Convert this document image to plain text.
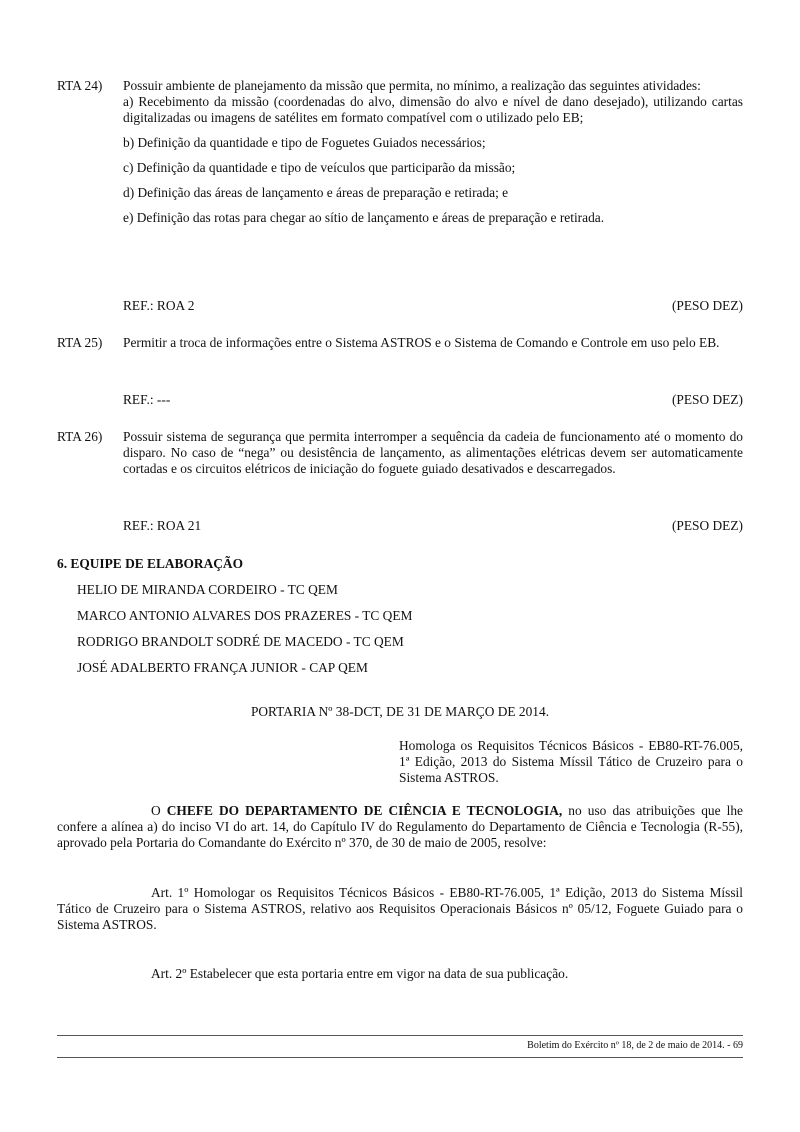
RTA 24)	Possuir ambiente de planejamento da missão que permita, no mínimo, a realização das seguintes atividades:

a) Recebimento da missão (coordenadas do alvo, dimensão do alvo e nível de dano desejado), utilizando cartas digitalizadas ou imagens de satélites em formato compatível com o utilizado pelo EB;

b) Definição da quantidade e tipo de Foguetes Guiados necessários;

c) Definição da quantidade e tipo de veículos que participarão da missão;

d) Definição das áreas de lançamento e áreas de preparação e retirada; e

e) Definição das rotas para chegar ao sítio de lançamento e áreas de preparação e retirada.

REF.: ROA 2	(PESO DEZ)
RTA 25)	Permitir a troca de informações entre o Sistema ASTROS e o Sistema de Comando e Controle em uso pelo EB.

REF.: ---	(PESO DEZ)
RTA 26)	Possuir sistema de segurança que permita interromper a sequência da cadeia de funcionamento até o momento do disparo. No caso de “nega” ou desistência de lançamento, as alimentações elétricas devem ser automaticamente cortadas e os circuitos elétricos de iniciação do foguete guiado desativados e descarregados.

REF.: ROA 21	(PESO DEZ)
6. EQUIPE DE ELABORAÇÃO
HELIO DE MIRANDA CORDEIRO - TC QEM
MARCO ANTONIO ALVARES DOS PRAZERES - TC QEM
RODRIGO BRANDOLT SODRÉ DE MACEDO - TC QEM
JOSÉ ADALBERTO FRANÇA JUNIOR - CAP QEM
PORTARIA Nº 38-DCT, DE 31 DE MARÇO DE 2014.
Homologa os Requisitos Técnicos Básicos - EB80-RT-76.005, 1ª Edição, 2013 do Sistema Míssil Tático de Cruzeiro para o Sistema ASTROS.
O CHEFE DO DEPARTAMENTO DE CIÊNCIA E TECNOLOGIA, no uso das atribuições que lhe confere a alínea a) do inciso VI do art. 14, do Capítulo IV do Regulamento do Departamento de Ciência e Tecnologia (R-55), aprovado pela Portaria do Comandante do Exército nº 370, de 30 de maio de 2005, resolve:
Art. 1º Homologar os Requisitos Técnicos Básicos - EB80-RT-76.005, 1ª Edição, 2013 do Sistema Míssil Tático de Cruzeiro para o Sistema ASTROS, relativo aos Requisitos Operacionais Básicos nº 05/12, Foguete Guiado para o Sistema ASTROS.
Art. 2º Estabelecer que esta portaria entre em vigor na data de sua publicação.
Boletim do Exército nº 18, de 2 de maio de 2014. - 69
